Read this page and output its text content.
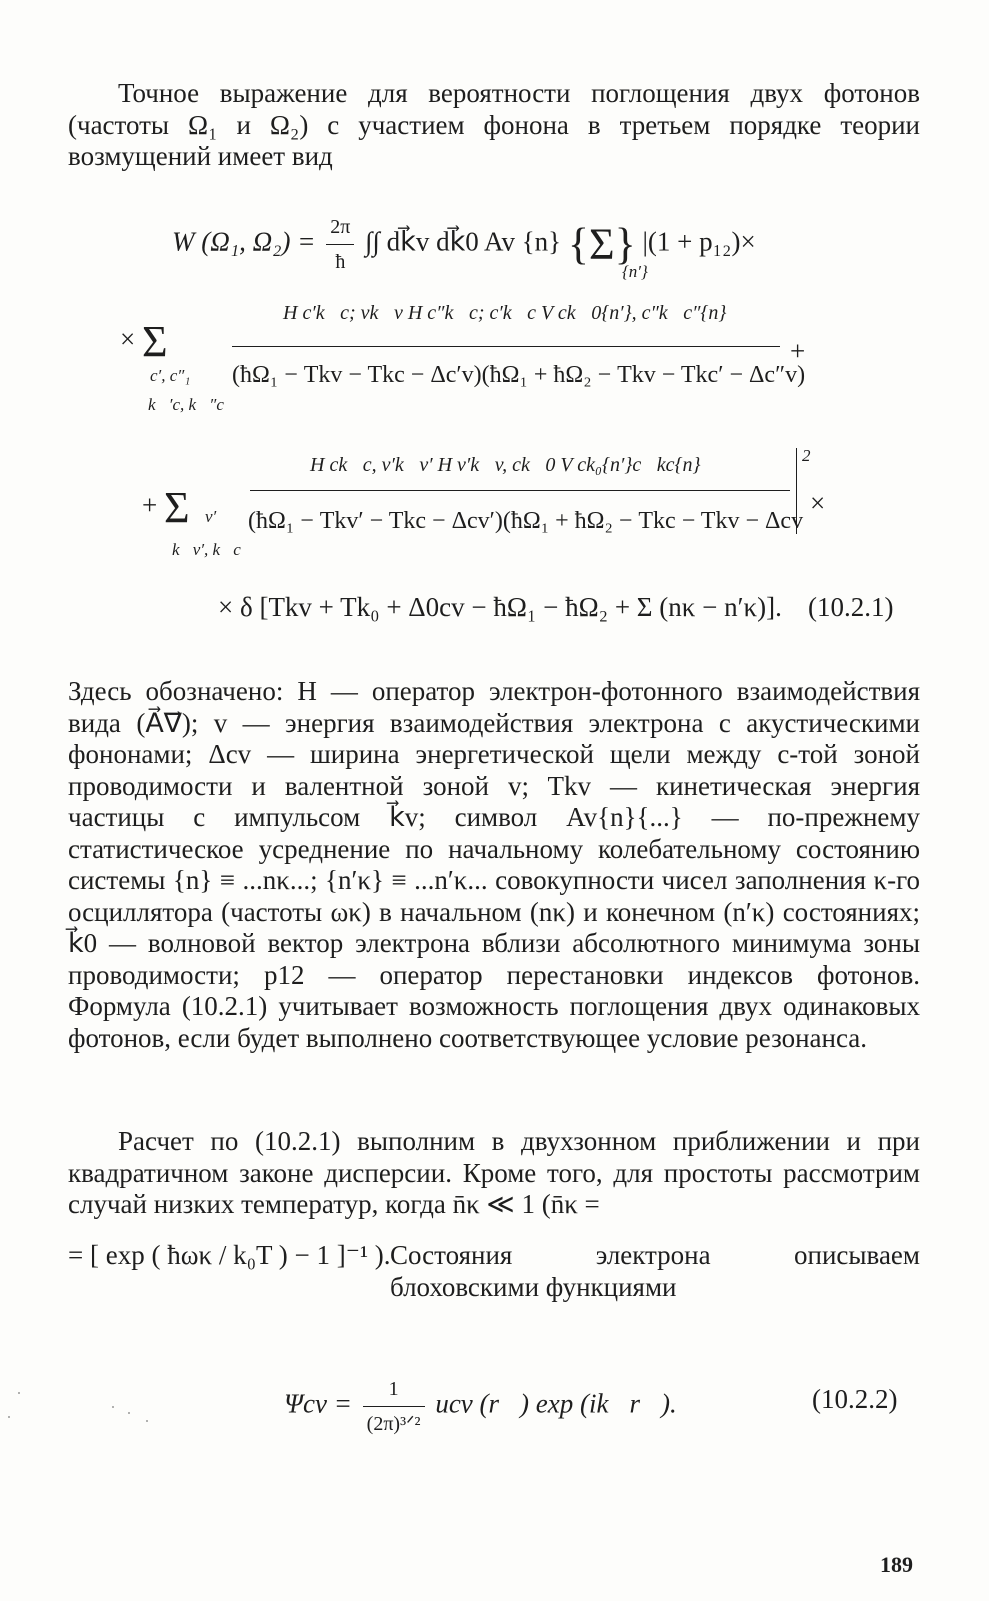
Точное выражение для вероятности поглощения двух фотонов (частоты Ω₁ и Ω₂) с участием фонона в третьем порядке теории возмущений имеет вид
W (Ω₁, $\Omega_2) = \frac{2\pi}{ħ}$ ∫∫ dk⃗v dk⃗0 Av {n} {Σ} |(1 + p₁₂)×
{n′}
× Σ
c′, c″₁
k⃗′c, k⃗″c
H c′k⃗c; vk⃗v H c″k⃗c; c′k⃗c V ck⃗0{n′}, c″k⃗c″{n}
(ħΩ₁ − Tkv − Tkc − Δc′v)(ħΩ₁ + ħΩ₂ − Tkv − Tkc′ − Δc″v)
+
+ Σ v′
k⃗v′, k⃗c
H ck⃗c, v′k⃗v′ H v′k⃗v, ck⃗0 V ck₀{n′}c⃗kc{n}
(ħΩ₁ − Tkv′ − Tkc − Δcv′)(ħΩ₁ + ħΩ₂ − Tkc − Tkv − Δcv
2
×
× δ [Tkv + Tk₀ + Δ0cv − ħΩ₁ − ħΩ₂ + Σ (nκ − n′κ)]. (10.2.1)
Здесь обозначено: H — оператор электрон-фотонного взаимодействия вида (A⃗∇⃗); v — энергия взаимодействия электрона с акустическими фононами; Δcv — ширина энергетической щели между c-той зоной проводимости и валентной зоной v; Tkv — кинетическая энергия частицы с импульсом k⃗v; символ Av{n}{...} — по-прежнему статистическое усреднение по начальному колебательному состоянию системы {n} ≡ ...nκ...; {n′κ} ≡ ...n′κ... совокупности чисел заполнения κ-го осциллятора (частоты ωκ) в начальном (nκ) и конечном (n′κ) состояниях; k⃗0 — волновой вектор электрона вблизи абсолютного минимума зоны проводимости; p12 — оператор перестановки индексов фотонов. Формула (10.2.1) учитывает возможность поглощения двух одинаковых фотонов, если будет выполнено соответствующее условие резонанса.
Расчет по (10.2.1) выполним в двухзонном приближении и при квадратичном законе дисперсии. Кроме того, для простоты рассмотрим случай низких температур, когда n̄κ ≪ 1 (n̄κ =
= [ exp ( ħωκ / k₀T ) − 1 ]⁻¹ ). Состояния электрона описываем блоховскими функциями
$\Psi cv = \frac{1}{\text{(2π)³ᐟ²}}$ ucv (r⃗) exp (ik⃗r⃗).	(10.2.2)
189
